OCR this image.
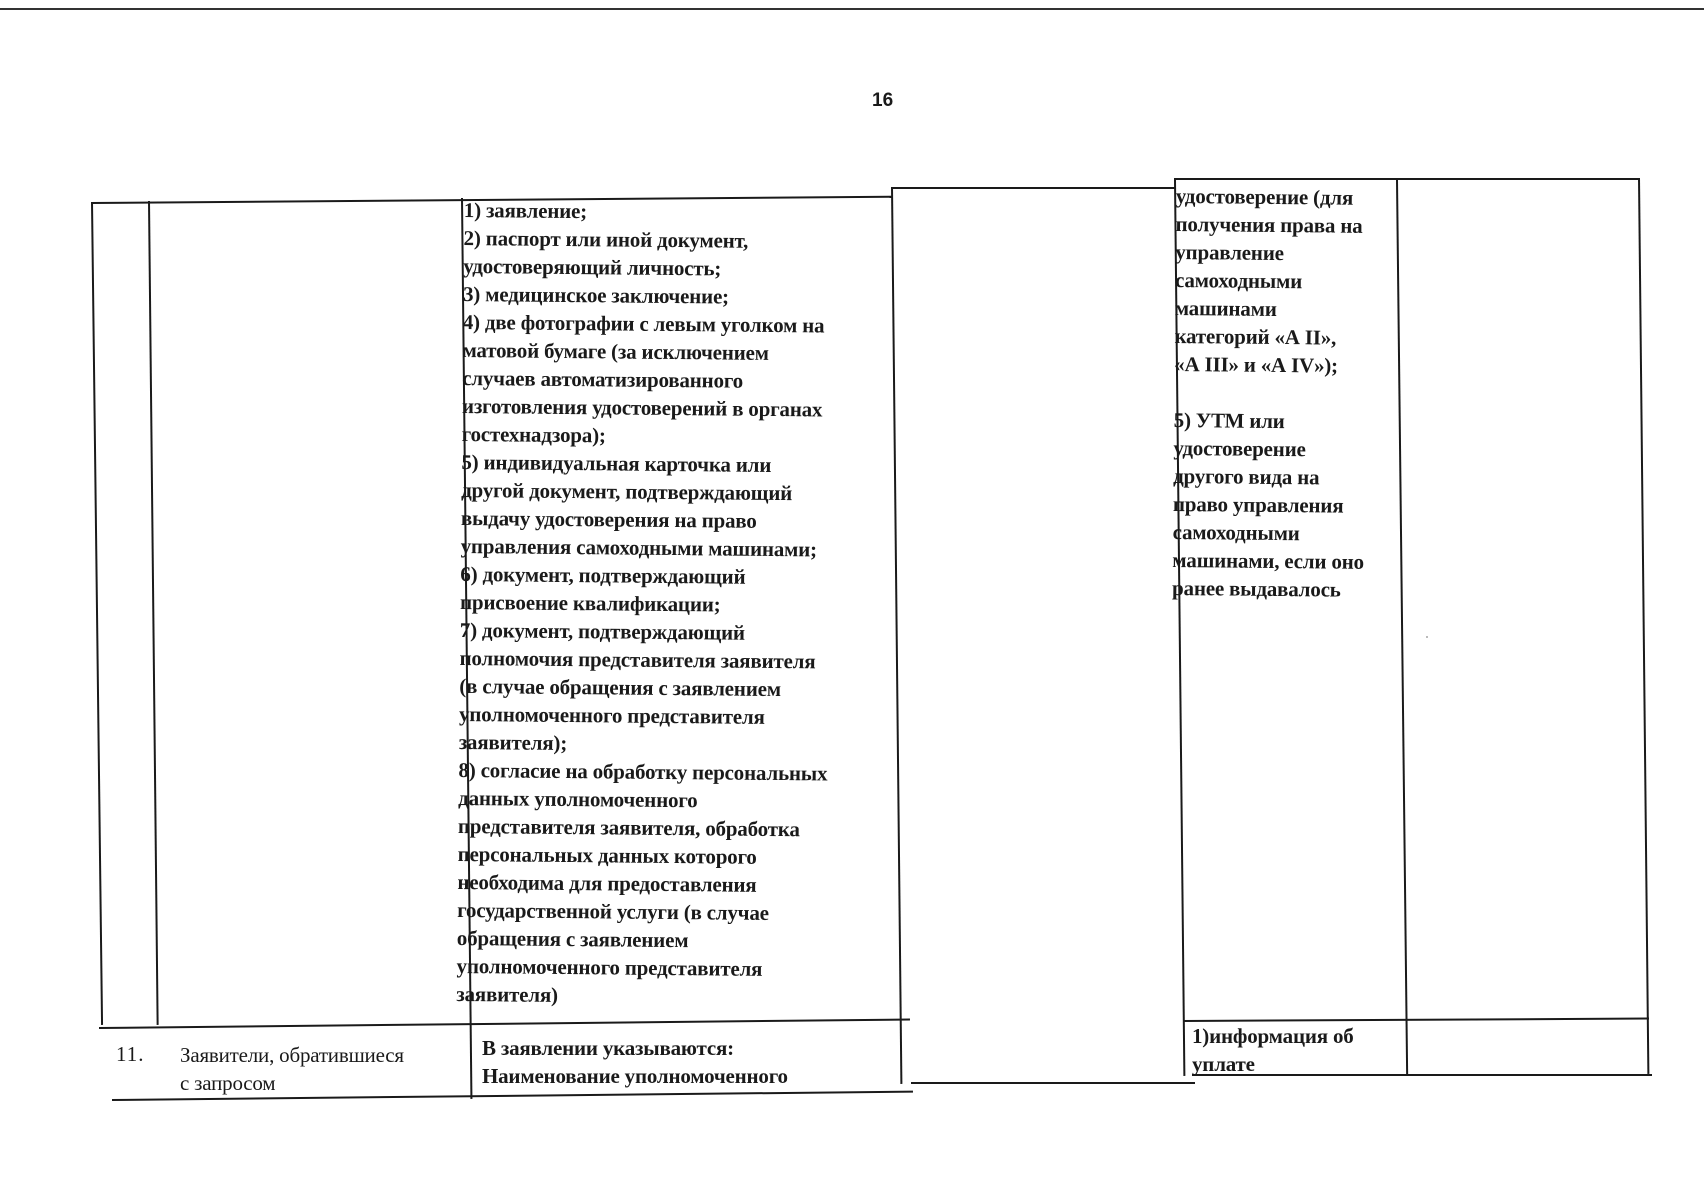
16
1) заявление;
2) паспорт или иной документ,
удостоверяющий личность;
3) медицинское заключение;
4) две фотографии с левым уголком на
матовой бумаге (за исключением
случаев автоматизированного
изготовления удостоверений в органах
гостехнадзора);
5) индивидуальная карточка или
другой документ, подтверждающий
выдачу удостоверения на право
управления самоходными машинами;
6) документ, подтверждающий
присвоение квалификации;
7) документ, подтверждающий
полномочия представителя заявителя
(в случае обращения с заявлением
уполномоченного представителя
заявителя);
8) согласие на обработку персональных
данных уполномоченного
представителя заявителя, обработка
персональных данных которого
необходима для предоставления
государственной услуги (в случае
обращения с заявлением
уполномоченного представителя
заявителя)
удостоверение (для
получения права на
управление
самоходными
машинами
категорий «А II»,
«А III» и «А IV»);

5) УТМ или
удостоверение
другого вида на
право управления
самоходными
машинами, если оно
ранее выдавалось
11. Заявители, обратившиеся
с запросом
В заявлении указываются:
Наименование уполномоченного
1)информация об
уплате
